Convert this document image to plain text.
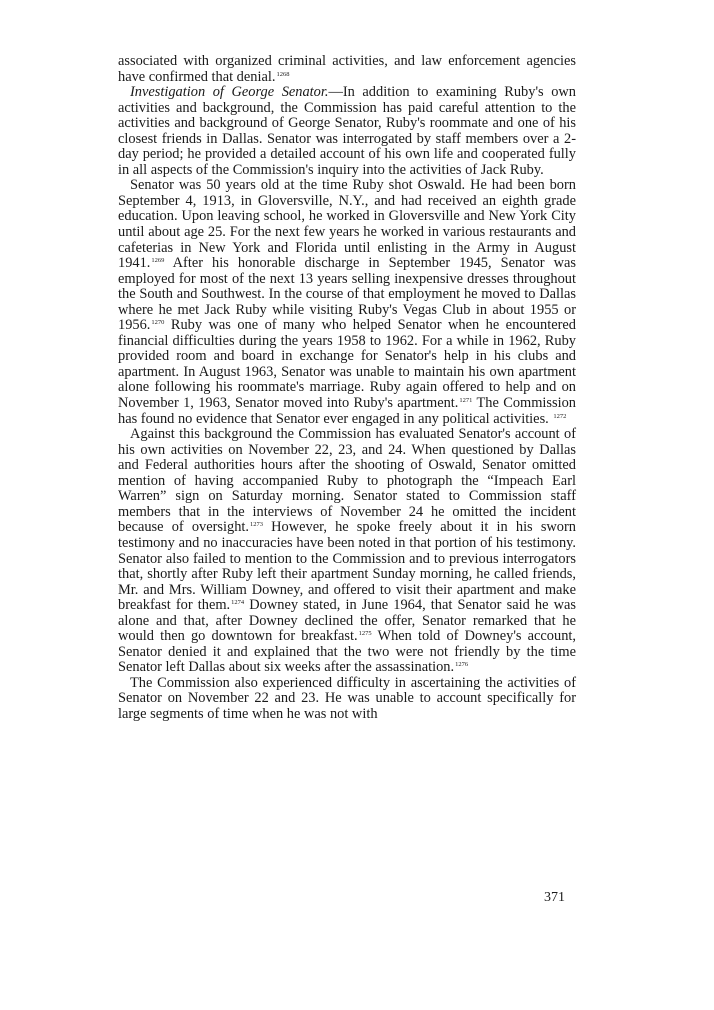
associated with organized criminal activities, and law enforcement agencies have confirmed that denial.$^{1268}$

Investigation of George Senator.—In addition to examining Ruby's own activities and background, the Commission has paid careful attention to the activities and background of George Senator, Ruby's roommate and one of his closest friends in Dallas. Senator was interrogated by staff members over a 2-day period; he provided a detailed account of his own life and cooperated fully in all aspects of the Commission's inquiry into the activities of Jack Ruby.

Senator was 50 years old at the time Ruby shot Oswald. He had been born September 4, 1913, in Gloversville, N.Y., and had received an eighth grade education. Upon leaving school, he worked in Gloversville and New York City until about age 25. For the next few years he worked in various restaurants and cafeterias in New York and Florida until enlisting in the Army in August 1941.$^{1269}$ After his honorable discharge in September 1945, Senator was employed for most of the next 13 years selling inexpensive dresses throughout the South and Southwest. In the course of that employment he moved to Dallas where he met Jack Ruby while visiting Ruby's Vegas Club in about 1955 or 1956.$^{1270}$ Ruby was one of many who helped Senator when he encountered financial difficulties during the years 1958 to 1962. For a while in 1962, Ruby provided room and board in exchange for Senator's help in his clubs and apartment. In August 1963, Senator was unable to maintain his own apartment alone following his roommate's marriage. Ruby again offered to help and on November 1, 1963, Senator moved into Ruby's apartment.$^{1271}$ The Commission has found no evidence that Senator ever engaged in any political activities. $^{1272}$

Against this background the Commission has evaluated Senator's account of his own activities on November 22, 23, and 24. When questioned by Dallas and Federal authorities hours after the shooting of Oswald, Senator omitted mention of having accompanied Ruby to photograph the “Impeach Earl Warren” sign on Saturday morning. Senator stated to Commission staff members that in the interviews of November 24 he omitted the incident because of oversight.$^{1273}$ However, he spoke freely about it in his sworn testimony and no inaccuracies have been noted in that portion of his testimony. Senator also failed to mention to the Commission and to previous interrogators that, shortly after Ruby left their apartment Sunday morning, he called friends, Mr. and Mrs. William Downey, and offered to visit their apartment and make breakfast for them.$^{1274}$ Downey stated, in June 1964, that Senator said he was alone and that, after Downey declined the offer, Senator remarked that he would then go downtown for breakfast.$^{1275}$ When told of Downey's account, Senator denied it and explained that the two were not friendly by the time Senator left Dallas about six weeks after the assassination.$^{1276}$

The Commission also experienced difficulty in ascertaining the activities of Senator on November 22 and 23. He was unable to account specifically for large segments of time when he was not with

371
